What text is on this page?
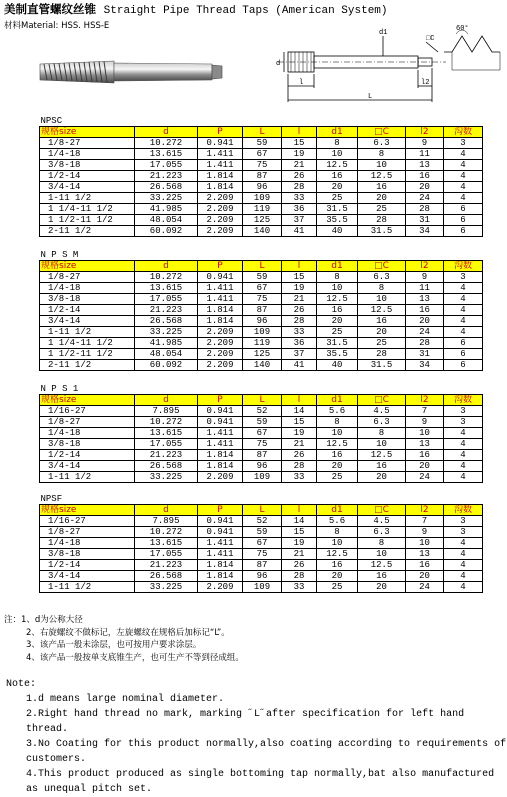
美制直管螺纹丝锥 Straight Pipe Thread Taps (American System)
材料Material: HSS. HSS-E
d
d1
□C
l	l2
L
60°
NPSC								
规格size	d	P	L	l	d1	□C	l2	沟数
1/8-27	10.272	0.941	59	15	8	6.3	9	3
1/4-18	13.615	1.411	67	19	10	8	11	4
3/8-18	17.055	1.411	75	21	12.5	10	13	4
1/2-14	21.223	1.814	87	26	16	12.5	16	4
3/4-14	26.568	1.814	96	28	20	16	20	4
1-11 1/2	33.225	2.209	109	33	25	20	24	4
1 1/4-11 1/2	41.985	2.209	119	36	31.5	25	28	6
1 1/2-11 1/2	48.054	2.209	125	37	35.5	28	31	6
2-11 1/2	60.092	2.209	140	41	40	31.5	34	6
N P S M								
规格size	d	P	L	l	d1	□C	l2	沟数
1/8-27	10.272	0.941	59	15	8	6.3	9	3
1/4-18	13.615	1.411	67	19	10	8	11	4
3/8-18	17.055	1.411	75	21	12.5	10	13	4
1/2-14	21.223	1.814	87	26	16	12.5	16	4
3/4-14	26.568	1.814	96	28	20	16	20	4
1-11 1/2	33.225	2.209	109	33	25	20	24	4
1 1/4-11 1/2	41.985	2.209	119	36	31.5	25	28	6
1 1/2-11 1/2	48.054	2.209	125	37	35.5	28	31	6
2-11 1/2	60.092	2.209	140	41	40	31.5	34	6
N P S 1								
规格size	d	P	L	l	d1	□C	l2	沟数
1/16-27	7.895	0.941	52	14	5.6	4.5	7	3
1/8-27	10.272	0.941	59	15	8	6.3	9	3
1/4-18	13.615	1.411	67	19	10	8	10	4
3/8-18	17.055	1.411	75	21	12.5	10	13	4
1/2-14	21.223	1.814	87	26	16	12.5	16	4
3/4-14	26.568	1.814	96	28	20	16	20	4
1-11 1/2	33.225	2.209	109	33	25	20	24	4
NPSF								
规格size	d	P	L	l	d1	□C	l2	沟数
1/16-27	7.895	0.941	52	14	5.6	4.5	7	3
1/8-27	10.272	0.941	59	15	8	6.3	9	3
1/4-18	13.615	1.411	67	19	10	8	10	4
3/8-18	17.055	1.411	75	21	12.5	10	13	4
1/2-14	21.223	1.814	87	26	16	12.5	16	4
3/4-14	26.568	1.814	96	28	20	16	20	4
1-11 1/2	33.225	2.209	109	33	25	20	24	4
注：1、d为公称大径
2、右旋螺纹不做标记，左旋螺纹在规格后加标记“L”。
3、该产品一般未涂层，也可按用户要求涂层。
4、该产品一般按单支底锥生产，也可生产不等到径成组。
Note:
1.d means large nominal diameter.
2.Right hand thread no mark, marking ˝L˝after specification for left hand thread.
3.No Coating for this product normally,also coating according to requirements of
customers.
4.This product produced as single bottoming tap normally,bat also manufactured
as unequal pitch set.
